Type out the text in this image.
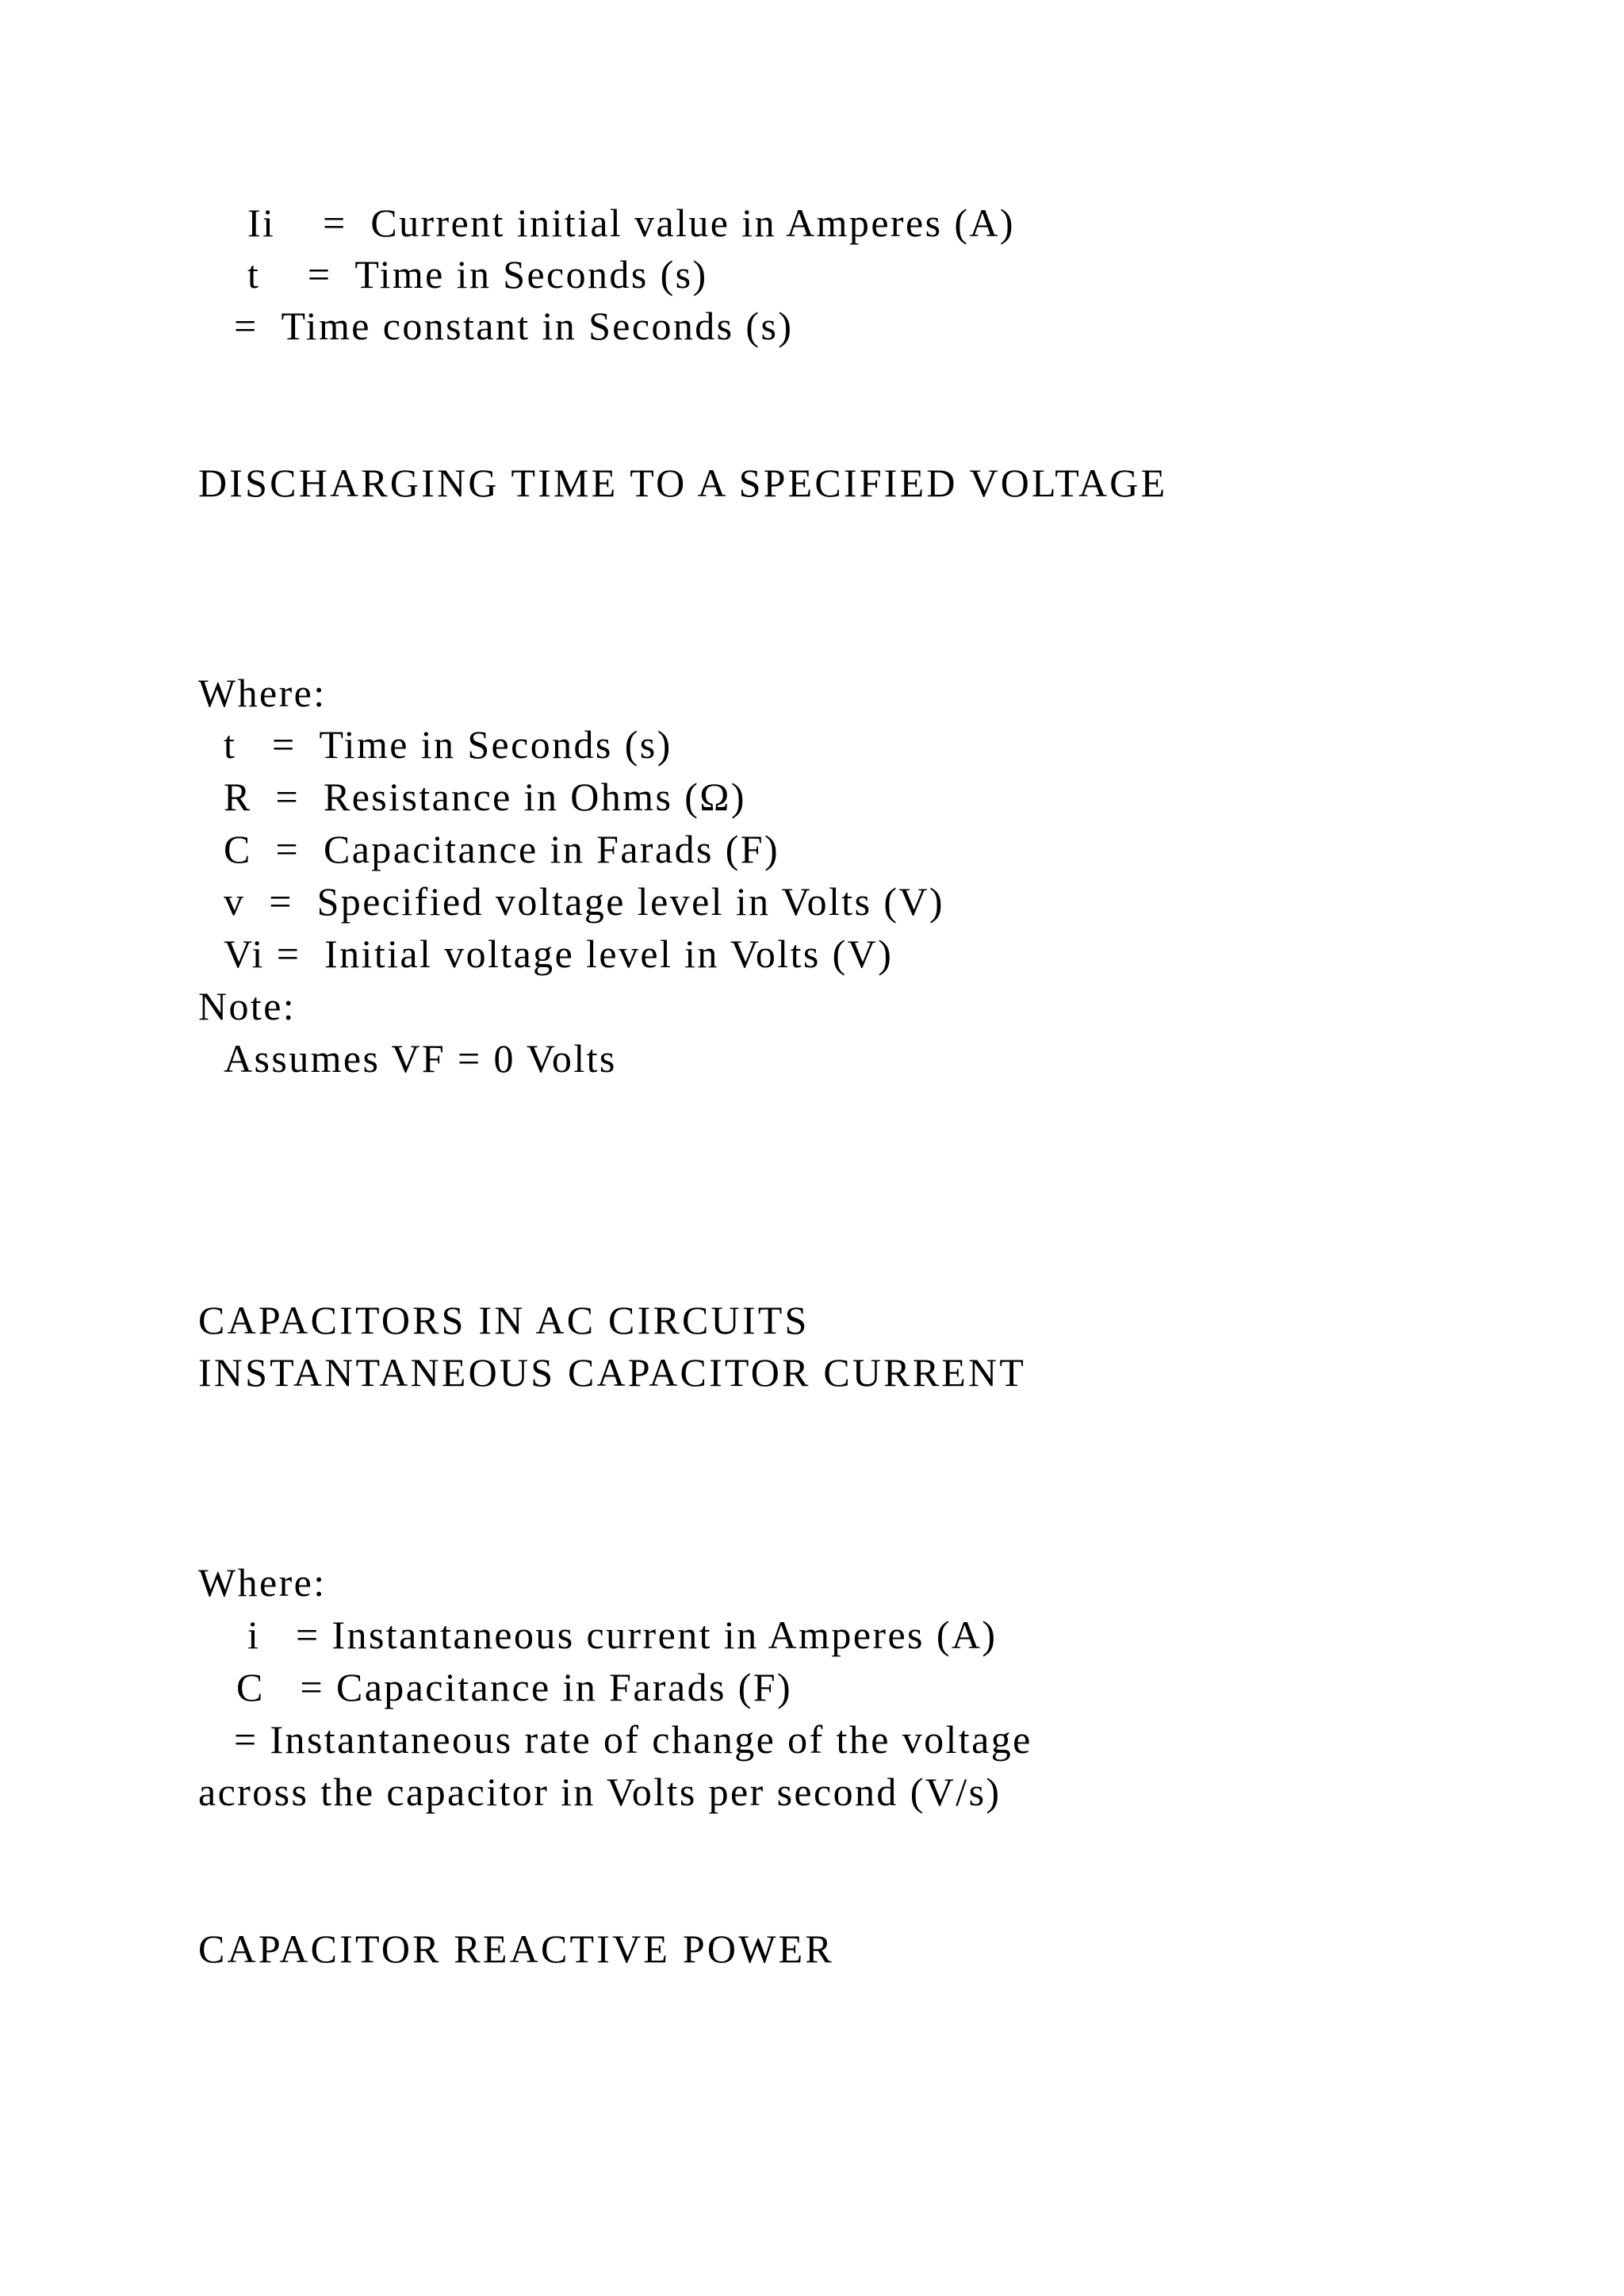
Ii    =  Current initial value in Amperes (A)
t    =  Time in Seconds (s)
=  Time constant in Seconds (s)
DISCHARGING TIME TO A SPECIFIED VOLTAGE
Where:
t   =  Time in Seconds (s)
R  =  Resistance in Ohms (Ω)
C  =  Capacitance in Farads (F)
v  =  Specified voltage level in Volts (V)
Vi =  Initial voltage level in Volts (V)
Note:
Assumes VF = 0 Volts
CAPACITORS IN AC CIRCUITS
INSTANTANEOUS CAPACITOR CURRENT
Where:
i   = Instantaneous current in Amperes (A)
C   = Capacitance in Farads (F)
= Instantaneous rate of change of the voltage
across the capacitor in Volts per second (V/s)
CAPACITOR REACTIVE POWER
